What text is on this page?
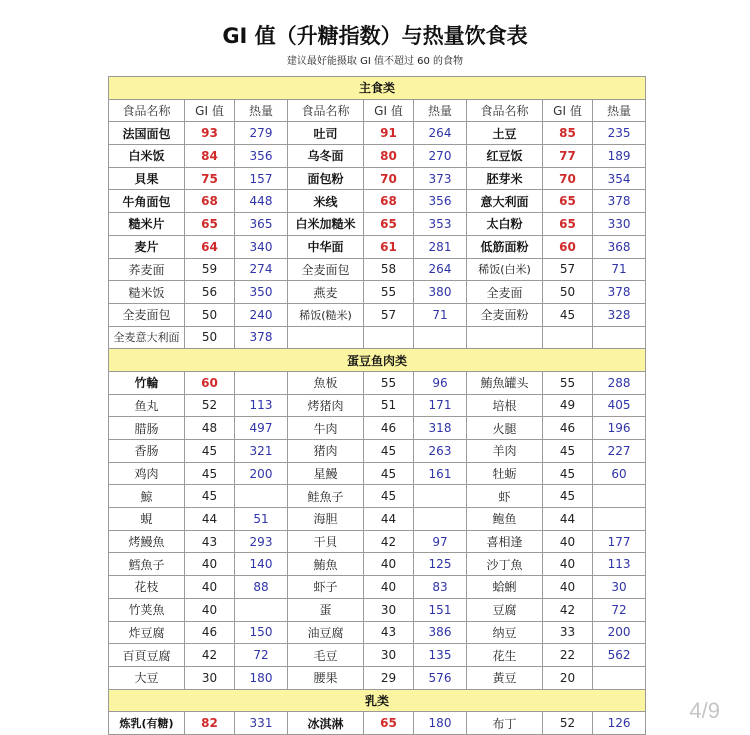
GI 值（升糖指数）与热量饮食表
建议最好能摄取 GI 值不超过 60 的食物
主食类								
食品名称	GI 值	热量	食品名称	GI 值	热量	食品名称	GI 值	热量
法国面包	93	279	吐司	91	264	土豆	85	235
白米饭	84	356	乌冬面	80	270	红豆饭	77	189
貝果	75	157	面包粉	70	373	胚芽米	70	354
牛角面包	68	448	米线	68	356	意大利面	65	378
糙米片	65	365	白米加糙米	65	353	太白粉	65	330
麦片	64	340	中华面	61	281	低筋面粉	60	368
荞麦面	59	274	全麦面包	58	264	稀饭(白米)	57	71
糙米饭	56	350	燕麦	55	380	全麦面	50	378
全麦面包	50	240	稀饭(糙米)	57	71	全麦面粉	45	328
全麦意大利面	50	378						
蛋豆鱼肉类								
竹輪	60		魚板	55	96	鮪魚罐头	55	288
鱼丸	52	113	烤猪肉	51	171	培根	49	405
腊肠	48	497	牛肉	46	318	火腿	46	196
香肠	45	321	猪肉	45	263	羊肉	45	227
鸡肉	45	200	星鰻	45	161	牡蛎	45	60
鯨	45		鲑魚子	45		虾	45	
蜆	44	51	海胆	44		鲍鱼	44	
烤鰻魚	43	293	干貝	42	97	喜相逢	40	177
鱈魚子	40	140	鮪魚	40	125	沙丁魚	40	113
花枝	40	88	虾子	40	83	蛤蜊	40	30
竹荚魚	40		蛋	30	151	豆腐	42	72
炸豆腐	46	150	油豆腐	43	386	纳豆	33	200
百頁豆腐	42	72	毛豆	30	135	花生	22	562
大豆	30	180	腰果	29	576	黃豆	20	
乳类								
炼乳(有糖)	82	331	冰淇淋	65	180	布丁	52	126
4/9
